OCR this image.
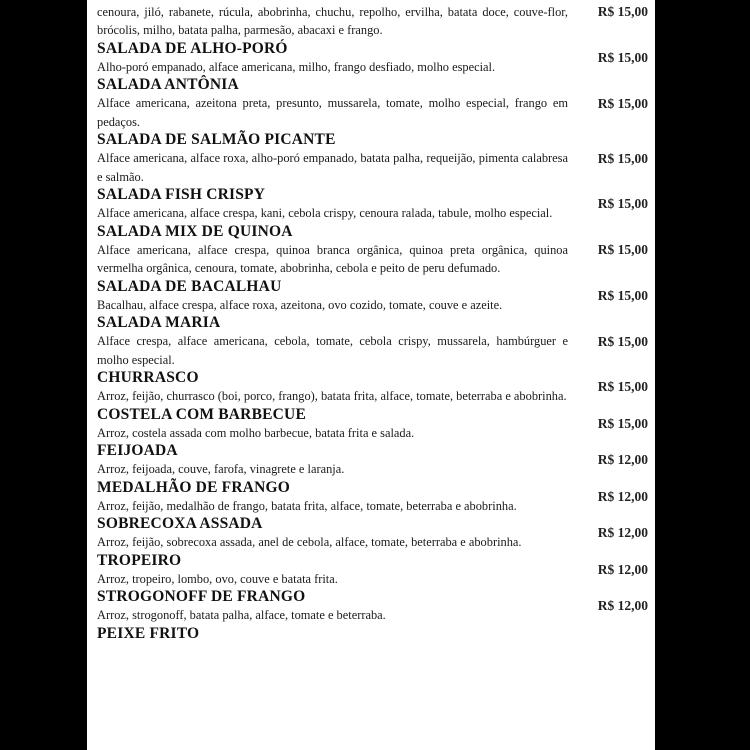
cenoura, jiló, rabanete, rúcula, abobrinha, chuchu, repolho, ervilha, batata doce, couve-flor, brócolis, milho, batata palha, parmesão, abacaxi e frango.
R$ 15,00
SALADA DE ALHO-PORÓ
Alho-poró empanado, alface americana, milho, frango desfiado, molho especial.
R$ 15,00
SALADA ANTÔNIA
Alface americana, azeitona preta, presunto, mussarela, tomate, molho especial, frango em pedaços.
R$ 15,00
SALADA DE SALMÃO PICANTE
Alface americana, alface roxa, alho-poró empanado, batata palha, requeijão, pimenta calabresa e salmão.
R$ 15,00
SALADA FISH CRISPY
Alface americana, alface crespa, kani, cebola crispy, cenoura ralada, tabule, molho especial.
R$ 15,00
SALADA MIX DE QUINOA
Alface americana, alface crespa, quinoa branca orgânica, quinoa preta orgânica, quinoa vermelha orgânica, cenoura, tomate, abobrinha, cebola e peito de peru defumado.
R$ 15,00
SALADA DE BACALHAU
Bacalhau, alface crespa, alface roxa, azeitona, ovo cozido, tomate, couve e azeite.
R$ 15,00
SALADA MARIA
Alface crespa, alface americana, cebola, tomate, cebola crispy, mussarela, hambúrguer e molho especial.
R$ 15,00
CHURRASCO
Arroz, feijão, churrasco (boi, porco, frango), batata frita, alface, tomate, beterraba e abobrinha.
R$ 15,00
COSTELA COM BARBECUE
Arroz, costela assada com molho barbecue, batata frita e salada.
R$ 15,00
FEIJOADA
Arroz, feijoada, couve, farofa, vinagrete e laranja.
R$ 12,00
MEDALHÃO DE FRANGO
Arroz, feijão, medalhão de frango, batata frita, alface, tomate, beterraba e abobrinha.
R$ 12,00
SOBRECOXA ASSADA
Arroz, feijão, sobrecoxa assada, anel de cebola, alface, tomate, beterraba e abobrinha.
R$ 12,00
TROPEIRO
Arroz, tropeiro, lombo, ovo, couve e batata frita.
R$ 12,00
STROGONOFF DE FRANGO
Arroz, strogonoff, batata palha, alface, tomate e beterraba.
R$ 12,00
PEIXE FRITO
